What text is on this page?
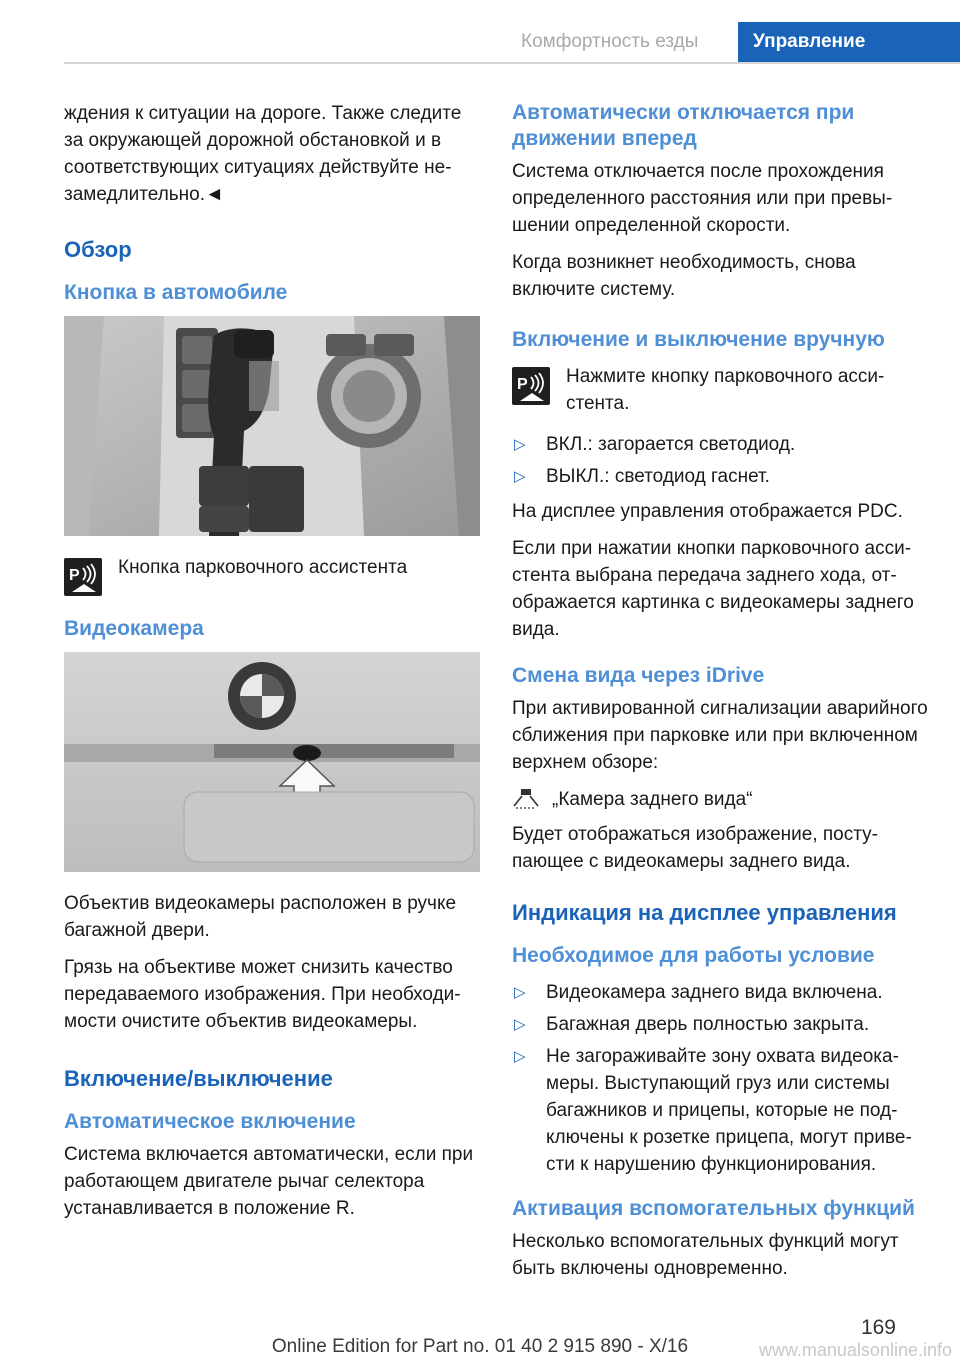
Комфортность езды	Управление

ждения к ситуации на дороге. Также следите за окружающей дорожной обстановкой и в соответствующих ситуациях действуйте незамедлительно.◄

Обзор
Кнопка в автомобиле
P Кнопка парковочного ассистента
Видеокамера

Объектив видеокамеры расположен в ручке багажной двери.

Грязь на объективе может снизить качество передаваемого изображения. При необходимости очистите объектив видеокамеры.

Включение/выключение
Автоматическое включение

Система включается автоматически, если при работающем двигателе рычаг селектора устанавливается в положение R.

Автоматически отключается при движении вперед

Система отключается после прохождения определенного расстояния или при превышении определенной скорости.

Когда возникнет необходимость, снова включите систему.

Включение и выключение вручную
P Нажмите кнопку парковочного ассистента.
▷ ВКЛ.: загорается светодиод.
▷ ВЫКЛ.: светодиод гаснет.

На дисплее управления отображается PDC.

Если при нажатии кнопки парковочного ассистента выбрана передача заднего хода, отображается картинка с видеокамеры заднего вида.

Смена вида через iDrive

При активированной сигнализации аварийного сближения при парковке или при включенном верхнем обзоре:

„Камера заднего вида“

Будет отображаться изображение, поступающее с видеокамеры заднего вида.

Индикация на дисплее управления
Необходимое для работы условие
▷ Видеокамера заднего вида включена.
▷ Багажная дверь полностью закрыта.
▷ Не загораживайте зону охвата видеокамеры. Выступающий груз или системы багажников и прицепы, которые не подключены к розетке прицепа, могут привести к нарушению функционирования.
Активация вспомогательных функций

Несколько вспомогательных функций могут быть включены одновременно.

169
Online Edition for Part no. 01 40 2 915 890 - X/16	www.manualsonline.info
